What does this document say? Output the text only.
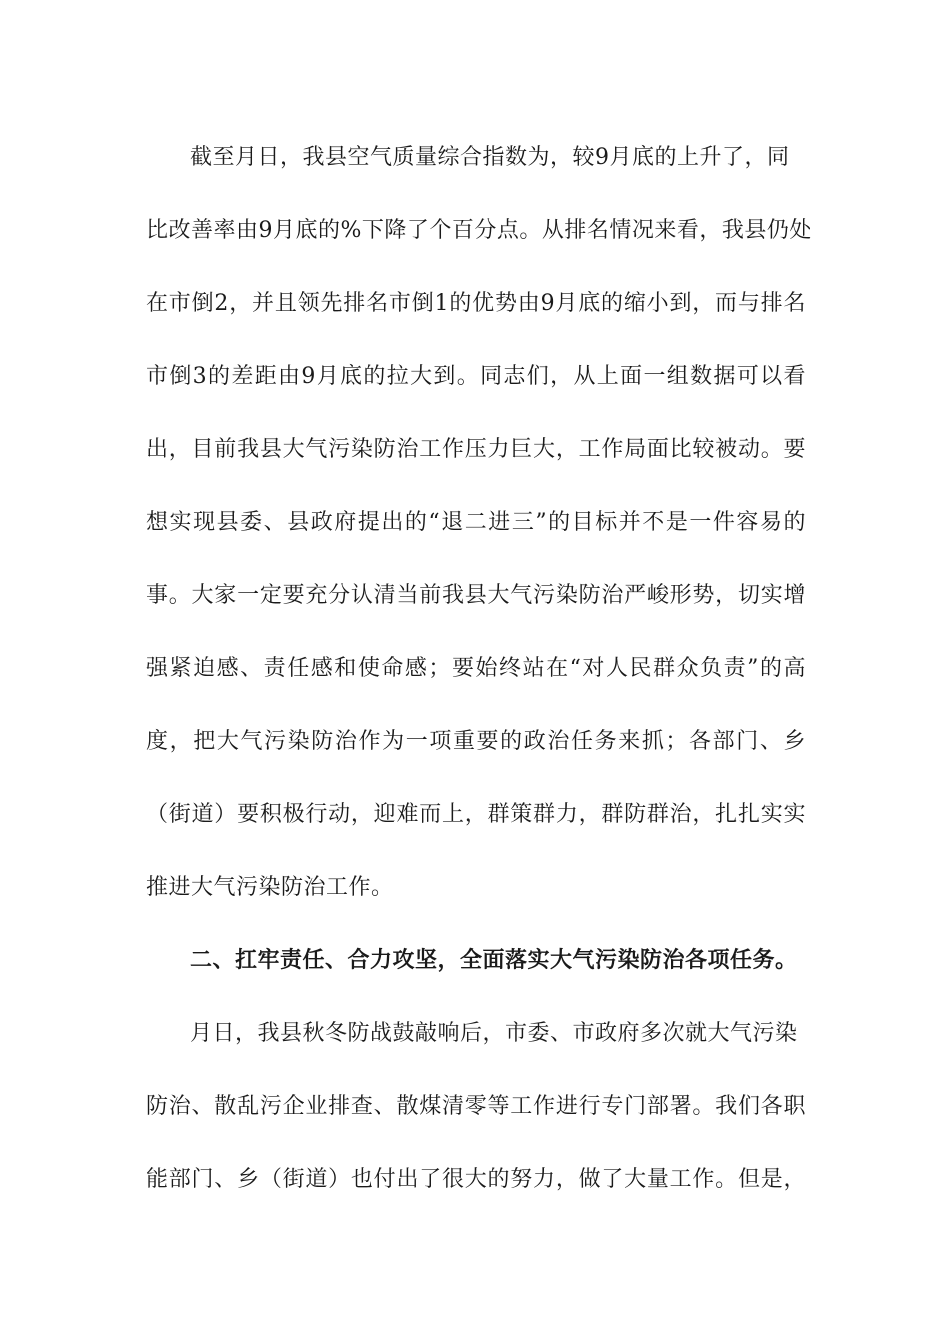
截至月日，我县空气质量综合指数为，较9月底的上升了，同
比改善率由9月底的%下降了个百分点。从排名情况来看，我县仍处
在市倒2，并且领先排名市倒1的优势由9月底的缩小到，而与排名
市倒3的差距由9月底的拉大到。同志们，从上面一组数据可以看
出，目前我县大气污染防治工作压力巨大，工作局面比较被动。要
想实现县委、县政府提出的“退二进三”的目标并不是一件容易的
事。大家一定要充分认清当前我县大气污染防治严峻形势，切实增
强紧迫感、责任感和使命感；要始终站在“对人民群众负责”的高
度，把大气污染防治作为一项重要的政治任务来抓；各部门、乡
（街道）要积极行动，迎难而上，群策群力，群防群治，扎扎实实
推进大气污染防治工作。
二、扛牢责任、合力攻坚，全面落实大气污染防治各项任务。
月日，我县秋冬防战鼓敲响后，市委、市政府多次就大气污染
防治、散乱污企业排查、散煤清零等工作进行专门部署。我们各职
能部门、乡（街道）也付出了很大的努力，做了大量工作。但是，
